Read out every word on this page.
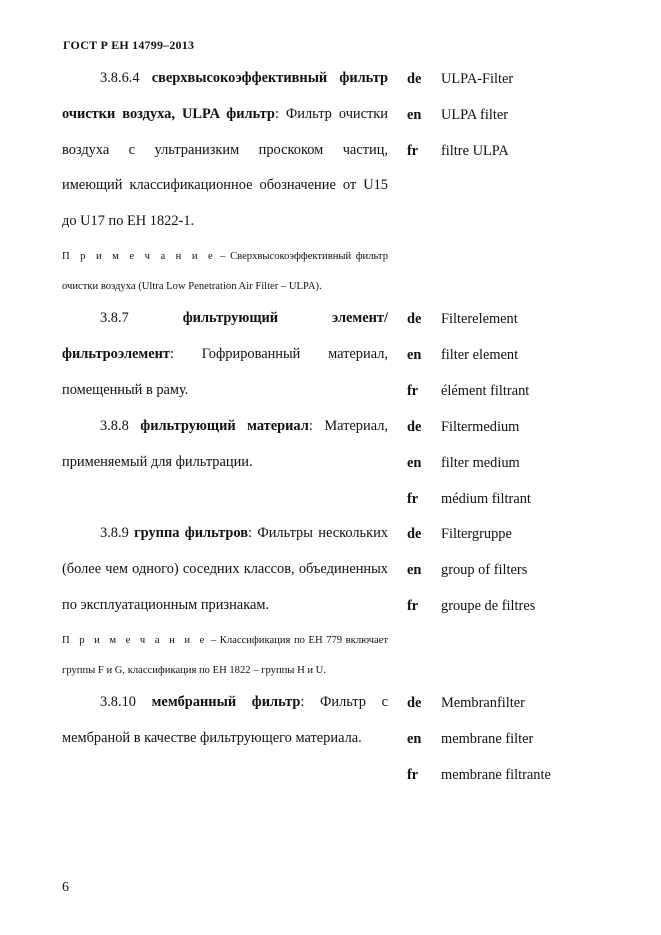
ГОСТ Р ЕН 14799–2013
3.8.6.4 сверхвысокоэффективный фильтр очистки воздуха, ULPA фильтр: Фильтр очистки воздуха с ультранизким проскоком частиц, имеющий классификационное обозначение от U15 до U17 по ЕН 1822-1.
П р и м е ч а н и е – Сверхвысокоэффективный фильтр очистки воздуха (Ultra Low Penetration Air Filter – ULPA).
de ULPA-Filter
en ULPA filter
fr filtre ULPA
3.8.7	фильтрующий элемент/фильтроэлемент: Гофрированный материал, помещенный в раму.
de Filterelement
en filter element
fr élément filtrant
3.8.8 фильтрующий материал: Материал, применяемый для фильтрации.
de Filtermedium
en filter medium
fr médium filtrant
3.8.9 группа фильтров: Фильтры нескольких (более чем одного) соседних классов, объединенных по эксплуатационным признакам.
П р и м е ч а н и е – Классификация по ЕН 779 включает группы F и G, классификация по ЕН 1822 – группы H и U.
de Filtergruppe
en group of filters
fr groupe de filtres
3.8.10 мембранный фильтр: Фильтр с мембраной в качестве фильтрующего материала.
de Membranfilter
en membrane filter
fr membrane filtrante
6
